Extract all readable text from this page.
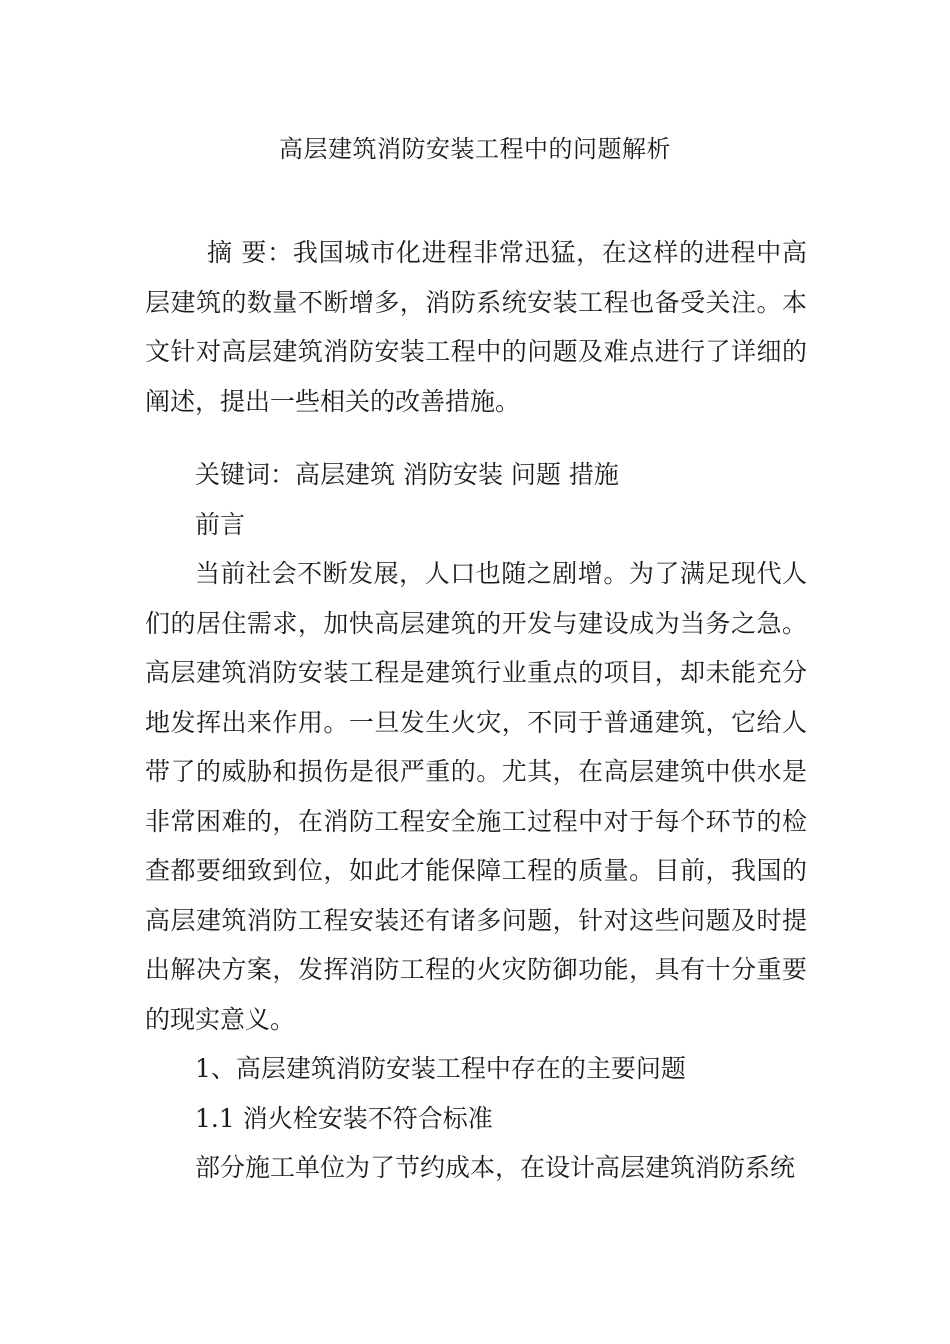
高层建筑消防安装工程中的问题解析
摘 要：我国城市化进程非常迅猛，在这样的进程中高层建筑的数量不断增多，消防系统安装工程也备受关注。本文针对高层建筑消防安装工程中的问题及难点进行了详细的阐述，提出一些相关的改善措施。

关键词：高层建筑 消防安装 问题 措施

前言

当前社会不断发展，人口也随之剧增。为了满足现代人们的居住需求，加快高层建筑的开发与建设成为当务之急。高层建筑消防安装工程是建筑行业重点的项目，却未能充分地发挥出来作用。一旦发生火灾，不同于普通建筑，它给人带了的威胁和损伤是很严重的。尤其，在高层建筑中供水是非常困难的，在消防工程安全施工过程中对于每个环节的检查都要细致到位，如此才能保障工程的质量。目前，我国的高层建筑消防工程安装还有诸多问题，针对这些问题及时提出解决方案，发挥消防工程的火灾防御功能，具有十分重要的现实意义。

1、高层建筑消防安装工程中存在的主要问题

1.1 消火栓安装不符合标准

部分施工单位为了节约成本，在设计高层建筑消防系统
